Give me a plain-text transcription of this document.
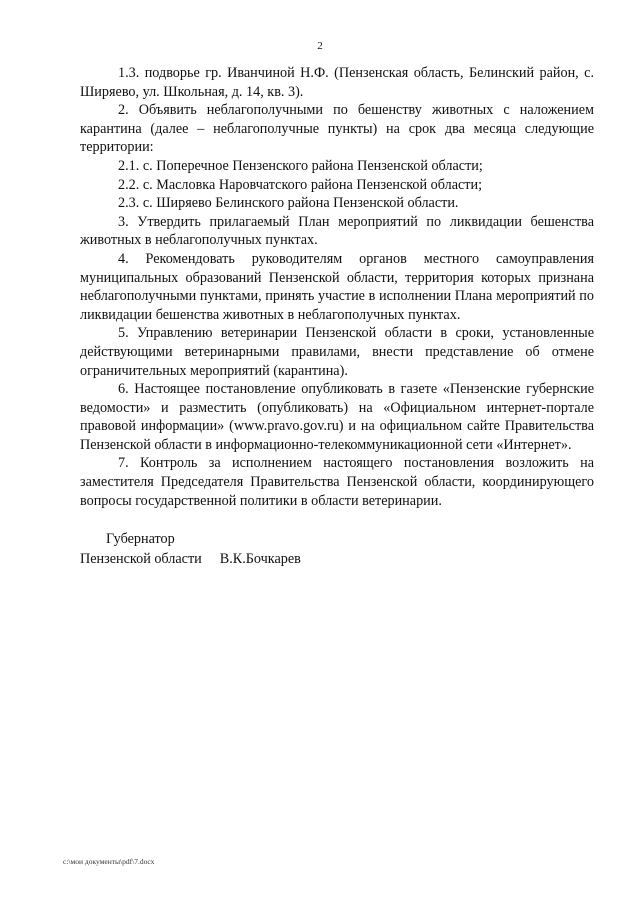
2

1.3. подворье гр. Иванчиной Н.Ф. (Пензенская область, Белинский район, с. Ширяево, ул. Школьная, д. 14, кв. 3).

2. Объявить неблагополучными по бешенству животных с наложением карантина (далее – неблагополучные пункты) на срок два месяца следующие территории:

2.1. с. Поперечное Пензенского района Пензенской области;

2.2. с. Масловка Наровчатского района Пензенской области;

2.3. с. Ширяево Белинского района Пензенской области.

3. Утвердить прилагаемый План мероприятий по ликвидации бешенства животных в неблагополучных пунктах.

4. Рекомендовать руководителям органов местного самоуправления муниципальных образований Пензенской области, территория которых признана неблагополучными пунктами, принять участие в исполнении Плана мероприятий по ликвидации бешенства животных в неблагополучных пунктах.

5. Управлению ветеринарии Пензенской области в сроки, установленные действующими ветеринарными правилами, внести представление об отмене ограничительных мероприятий (карантина).

6. Настоящее постановление опубликовать в газете «Пензенские губернские ведомости» и разместить (опубликовать) на «Официальном интернет-портале правовой информации» (www.pravo.gov.ru) и на официальном сайте Правительства Пензенской области в информационно-телекоммуникационной сети «Интернет».

7. Контроль за исполнением настоящего постановления возложить на заместителя Председателя Правительства Пензенской области, координирующего вопросы государственной политики в области ветеринарии.

Губернатор
Пензенской области В.К.Бочкарев
c:\мои документы\pdf\7.docx
